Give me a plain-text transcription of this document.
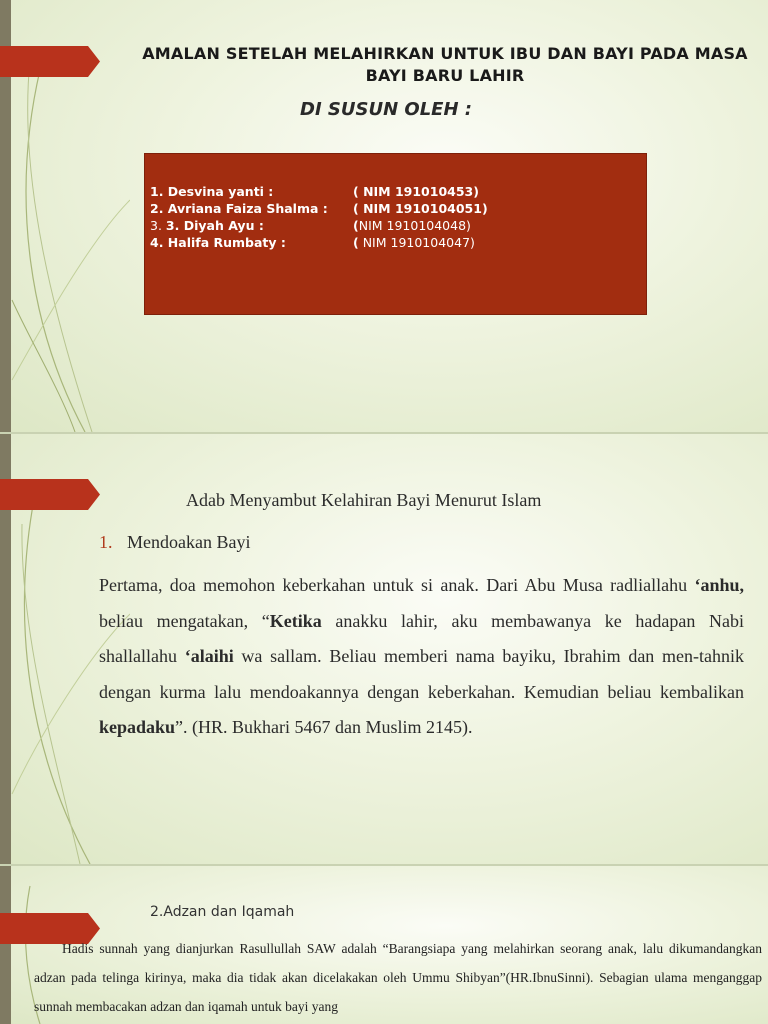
AMALAN SETELAH MELAHIRKAN UNTUK IBU DAN BAYI PADA MASA BAYI BARU LAHIR
DI SUSUN OLEH :
1. Desvina yanti :	( NIM 191010453)
2. Avriana Faiza Shalma : ( NIM 1910104051)
3. 3. Diyah Ayu :	(NIM 1910104048)
4. Halifa Rumbaty :	( NIM 1910104047)
Adab Menyambut Kelahiran Bayi Menurut Islam
1. Mendoakan Bayi

Pertama, doa memohon keberkahan untuk si anak. Dari Abu Musa radliallahu ‘anhu, beliau mengatakan, “Ketika anakku lahir, aku membawanya ke hadapan Nabi shallallahu ‘alaihi wa sallam. Beliau memberi nama bayiku, Ibrahim dan men-tahnik dengan kurma lalu mendoakannya dengan keberkahan. Kemudian beliau kembalikan kepadaku”. (HR. Bukhari 5467 dan Muslim 2145).

2.Adzan dan Iqamah

Hadis sunnah yang dianjurkan Rasullullah SAW adalah “Barangsiapa yang melahirkan seorang anak, lalu dikumandangkan adzan pada telinga kirinya, maka dia tidak akan dicelakakan oleh Ummu Shibyan”(HR.IbnuSinni). Sebagian ulama menganggap sunnah membacakan adzan dan iqamah untuk bayi yang
